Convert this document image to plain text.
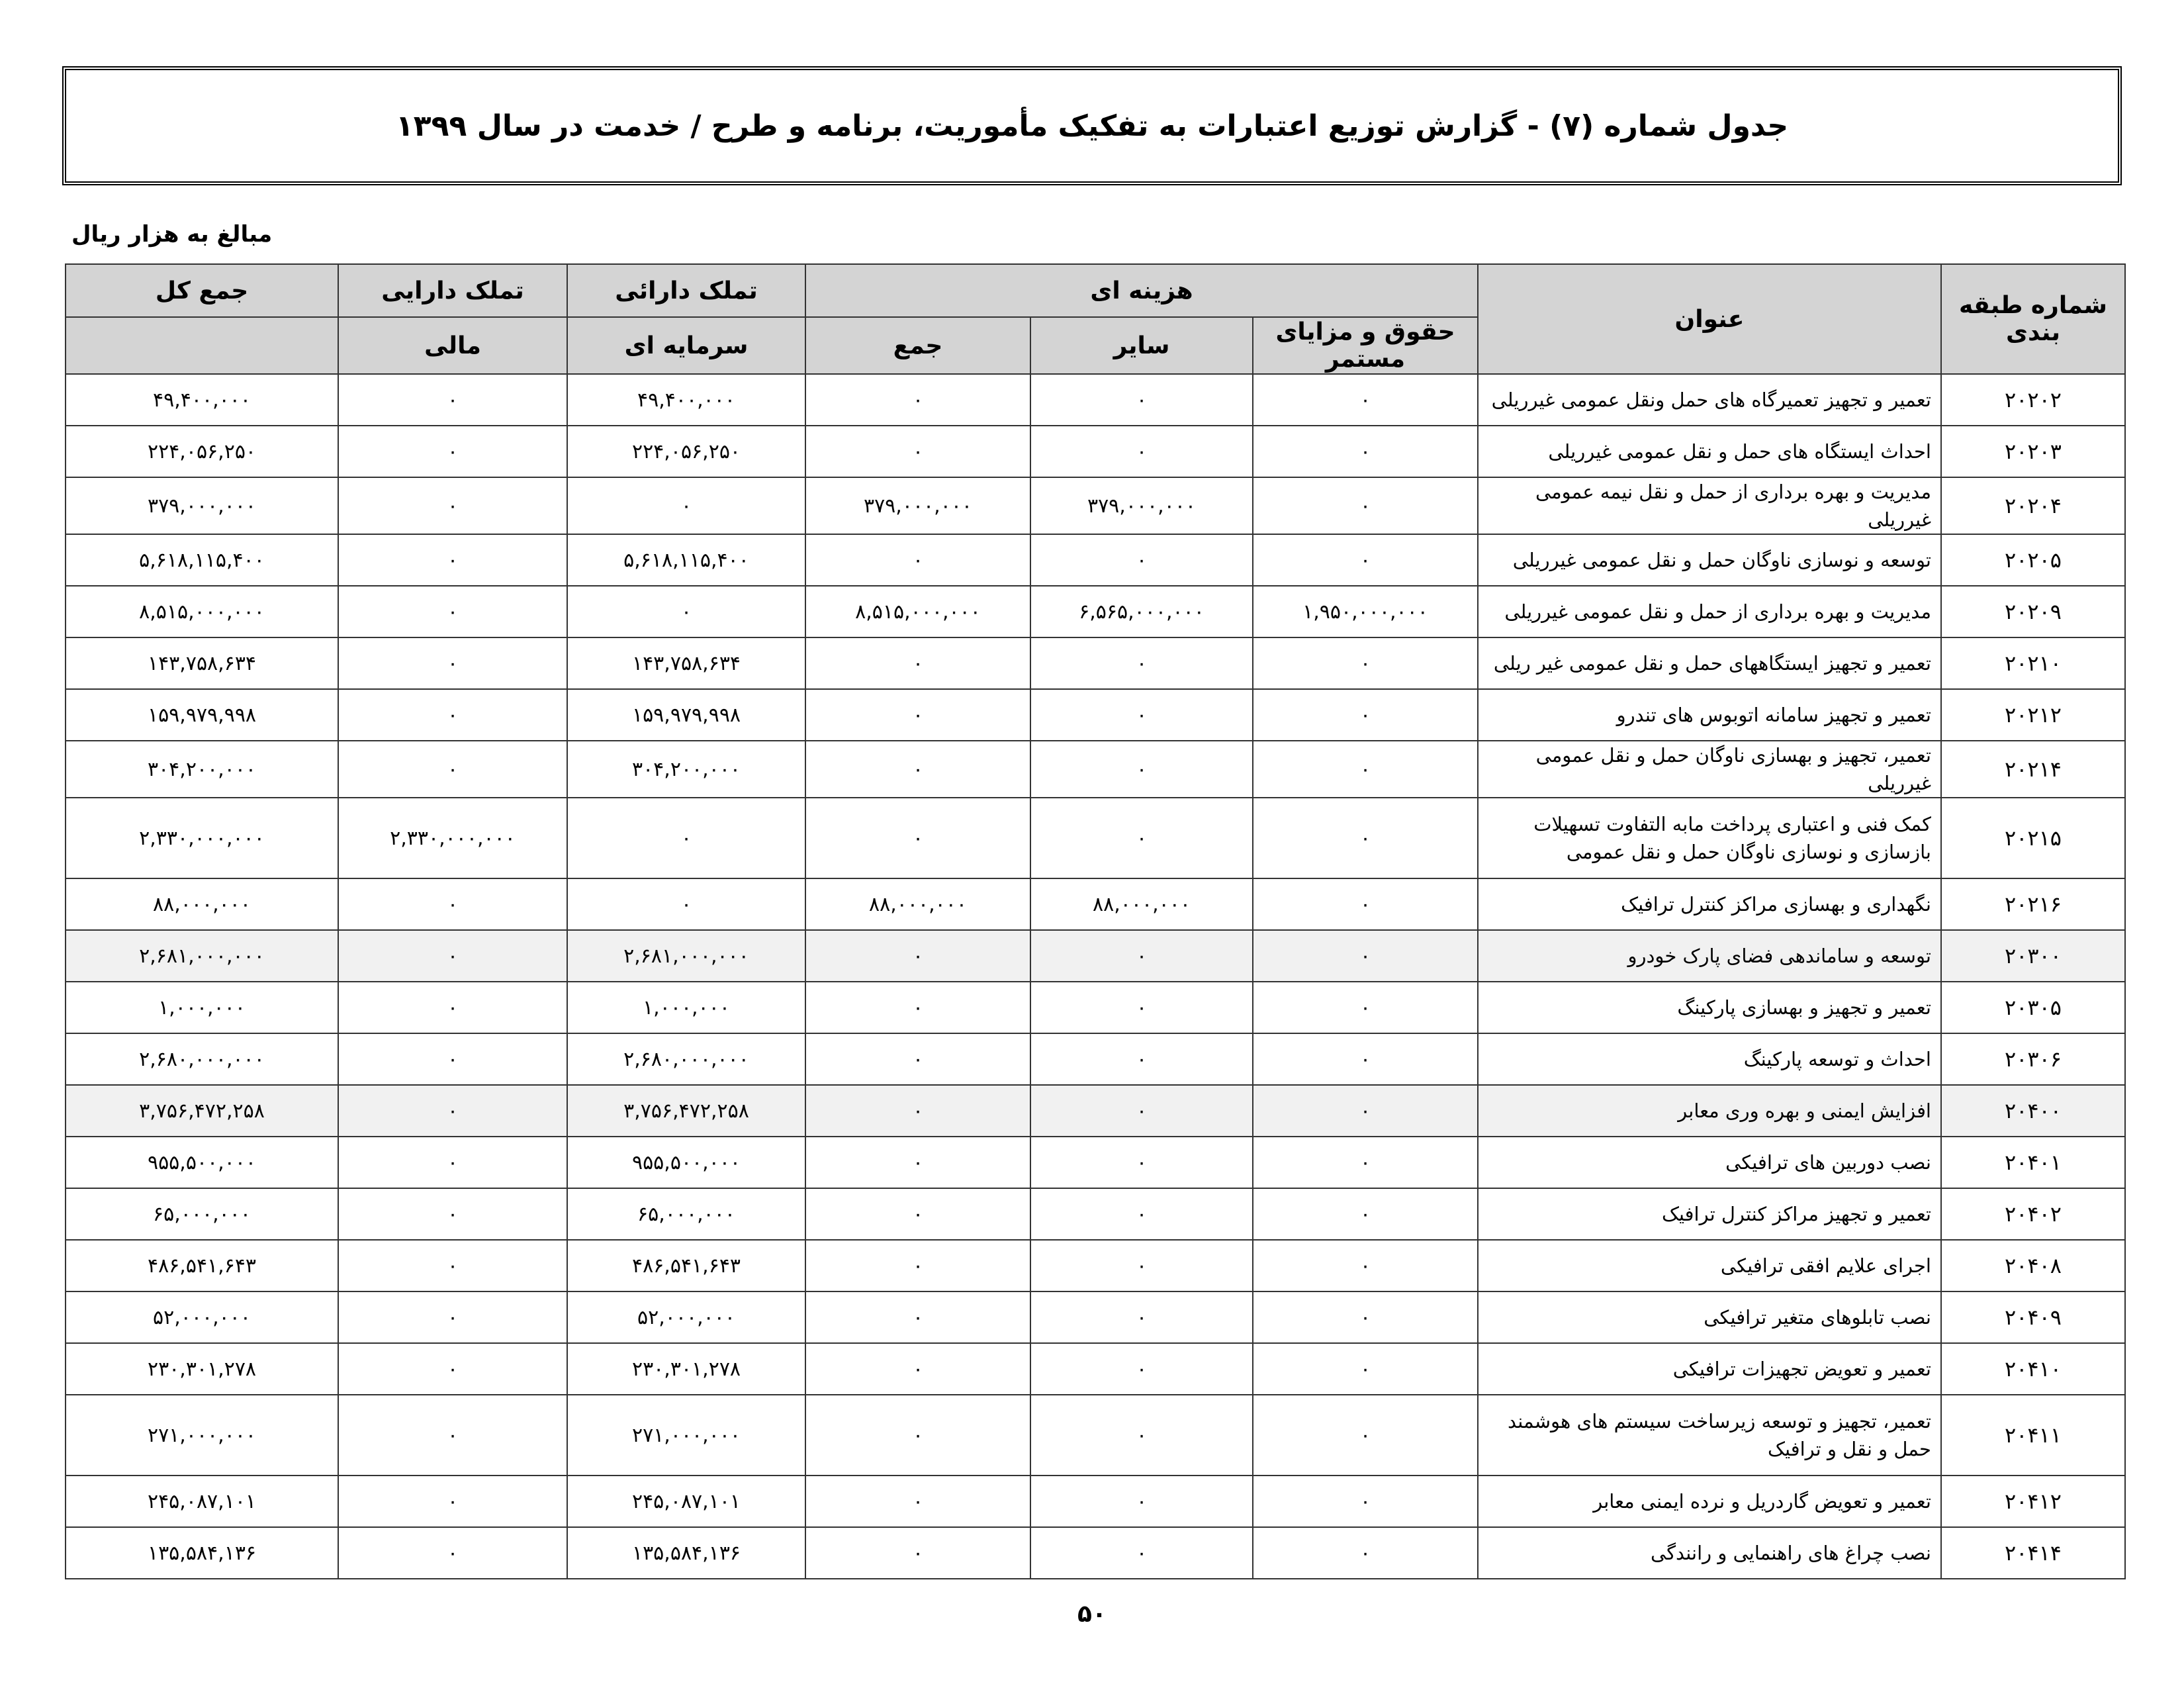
جدول شماره (۷) - گزارش توزیع اعتبارات به تفکیک مأموریت، برنامه و طرح / خدمت در سال ۱۳۹۹
مبالغ به هزار ریال
شماره طبقه بندی	عنوان	هزینه ای			تملک دارائی	تملک دارایی	جمع کل
		حقوق و مزایای مستمر	سایر	جمع	سرمایه ای	مالی	
۲۰۲۰۲	تعمیر و تجهیز تعمیرگاه های حمل ونقل عمومی غیرریلی	۰	۰	۰	۴۹,۴۰۰,۰۰۰	۰	۴۹,۴۰۰,۰۰۰
۲۰۲۰۳	احداث ایستگاه های حمل و نقل عمومی غیرریلی	۰	۰	۰	۲۲۴,۰۵۶,۲۵۰	۰	۲۲۴,۰۵۶,۲۵۰
۲۰۲۰۴	مدیریت و بهره برداری از حمل و نقل نیمه عمومی غیرریلی	۰	۳۷۹,۰۰۰,۰۰۰	۳۷۹,۰۰۰,۰۰۰	۰	۰	۳۷۹,۰۰۰,۰۰۰
۲۰۲۰۵	توسعه و نوسازی ناوگان حمل و نقل عمومی غیرریلی	۰	۰	۰	۵,۶۱۸,۱۱۵,۴۰۰	۰	۵,۶۱۸,۱۱۵,۴۰۰
۲۰۲۰۹	مدیریت و بهره برداری از حمل و نقل عمومی غیرریلی	۱,۹۵۰,۰۰۰,۰۰۰	۶,۵۶۵,۰۰۰,۰۰۰	۸,۵۱۵,۰۰۰,۰۰۰	۰	۰	۸,۵۱۵,۰۰۰,۰۰۰
۲۰۲۱۰	تعمیر و تجهیز ایستگاههای حمل و نقل عمومی غیر ریلی	۰	۰	۰	۱۴۳,۷۵۸,۶۳۴	۰	۱۴۳,۷۵۸,۶۳۴
۲۰۲۱۲	تعمیر و تجهیز سامانه اتوبوس های تندرو	۰	۰	۰	۱۵۹,۹۷۹,۹۹۸	۰	۱۵۹,۹۷۹,۹۹۸
۲۰۲۱۴	تعمیر، تجهیز و بهسازی ناوگان حمل و نقل عمومی غیرریلی	۰	۰	۰	۳۰۴,۲۰۰,۰۰۰	۰	۳۰۴,۲۰۰,۰۰۰
۲۰۲۱۵	کمک فنی و اعتباری پرداخت مابه التفاوت تسهیلات بازسازی و نوسازی ناوگان حمل و نقل عمومی	۰	۰	۰	۰	۲,۳۳۰,۰۰۰,۰۰۰	۲,۳۳۰,۰۰۰,۰۰۰
۲۰۲۱۶	نگهداری و بهسازی مراکز کنترل ترافیک	۰	۸۸,۰۰۰,۰۰۰	۸۸,۰۰۰,۰۰۰	۰	۰	۸۸,۰۰۰,۰۰۰
۲۰۳۰۰	توسعه و ساماندهی فضای پارک خودرو	۰	۰	۰	۲,۶۸۱,۰۰۰,۰۰۰	۰	۲,۶۸۱,۰۰۰,۰۰۰
۲۰۳۰۵	تعمیر و تجهیز و بهسازی پارکینگ	۰	۰	۰	۱,۰۰۰,۰۰۰	۰	۱,۰۰۰,۰۰۰
۲۰۳۰۶	احداث و توسعه پارکینگ	۰	۰	۰	۲,۶۸۰,۰۰۰,۰۰۰	۰	۲,۶۸۰,۰۰۰,۰۰۰
۲۰۴۰۰	افزایش ایمنی و بهره وری معابر	۰	۰	۰	۳,۷۵۶,۴۷۲,۲۵۸	۰	۳,۷۵۶,۴۷۲,۲۵۸
۲۰۴۰۱	نصب دوربین های ترافیکی	۰	۰	۰	۹۵۵,۵۰۰,۰۰۰	۰	۹۵۵,۵۰۰,۰۰۰
۲۰۴۰۲	تعمیر و تجهیز مراکز کنترل ترافیک	۰	۰	۰	۶۵,۰۰۰,۰۰۰	۰	۶۵,۰۰۰,۰۰۰
۲۰۴۰۸	اجرای علایم افقی ترافیکی	۰	۰	۰	۴۸۶,۵۴۱,۶۴۳	۰	۴۸۶,۵۴۱,۶۴۳
۲۰۴۰۹	نصب تابلوهای متغیر ترافیکی	۰	۰	۰	۵۲,۰۰۰,۰۰۰	۰	۵۲,۰۰۰,۰۰۰
۲۰۴۱۰	تعمیر و تعویض تجهیزات ترافیکی	۰	۰	۰	۲۳۰,۳۰۱,۲۷۸	۰	۲۳۰,۳۰۱,۲۷۸
۲۰۴۱۱	تعمیر، تجهیز و توسعه زیرساخت سیستم های هوشمند حمل و نقل و ترافیک	۰	۰	۰	۲۷۱,۰۰۰,۰۰۰	۰	۲۷۱,۰۰۰,۰۰۰
۲۰۴۱۲	تعمیر و تعویض گاردریل و نرده ایمنی معابر	۰	۰	۰	۲۴۵,۰۸۷,۱۰۱	۰	۲۴۵,۰۸۷,۱۰۱
۲۰۴۱۴	نصب چراغ های راهنمایی و رانندگی	۰	۰	۰	۱۳۵,۵۸۴,۱۳۶	۰	۱۳۵,۵۸۴,۱۳۶
۵۰
